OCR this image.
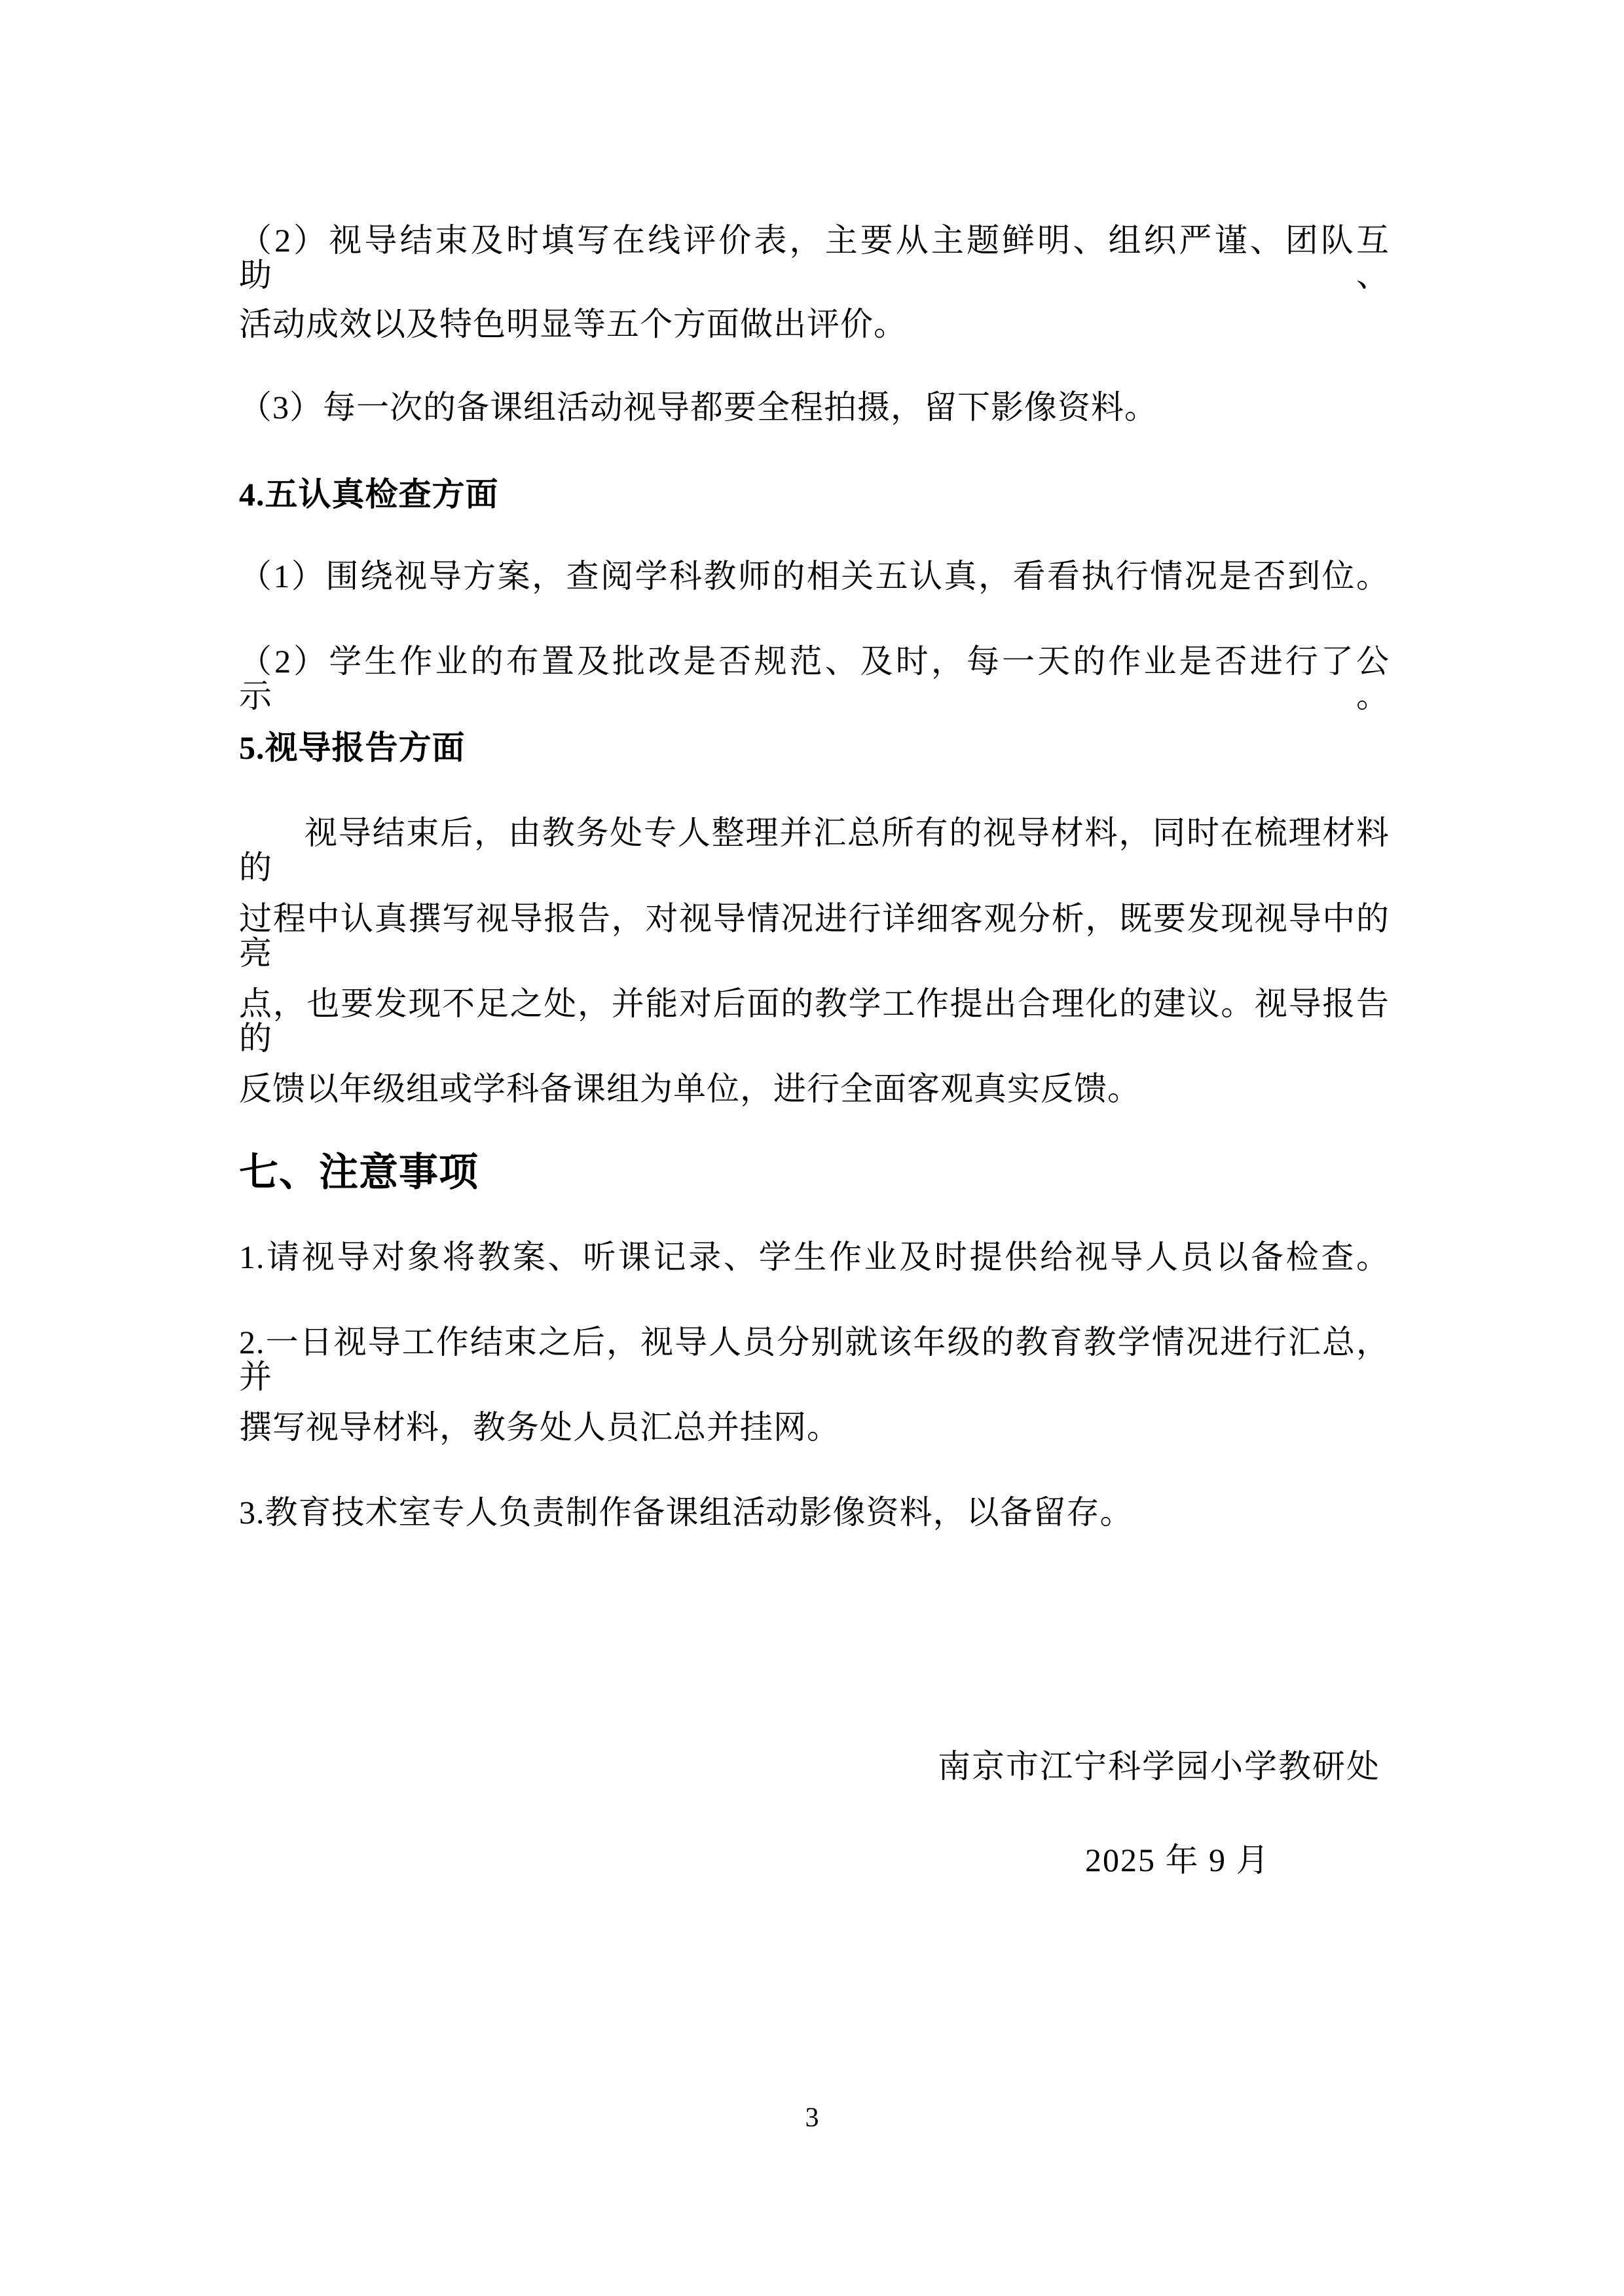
（2）视导结束及时填写在线评价表，主要从主题鲜明、组织严谨、团队互助、
活动成效以及特色明显等五个方面做出评价。
（3）每一次的备课组活动视导都要全程拍摄，留下影像资料。
4.五认真检查方面
（1）围绕视导方案，查阅学科教师的相关五认真，看看执行情况是否到位。
（2）学生作业的布置及批改是否规范、及时，每一天的作业是否进行了公示。
5.视导报告方面
视导结束后，由教务处专人整理并汇总所有的视导材料，同时在梳理材料的
过程中认真撰写视导报告，对视导情况进行详细客观分析，既要发现视导中的亮
点，也要发现不足之处，并能对后面的教学工作提出合理化的建议。视导报告的
反馈以年级组或学科备课组为单位，进行全面客观真实反馈。
七、注意事项
1.请视导对象将教案、听课记录、学生作业及时提供给视导人员以备检查。
2.一日视导工作结束之后，视导人员分别就该年级的教育教学情况进行汇总，并
撰写视导材料，教务处人员汇总并挂网。
3.教育技术室专人负责制作备课组活动影像资料，以备留存。
南京市江宁科学园小学教研处
2025 年 9 月
3
